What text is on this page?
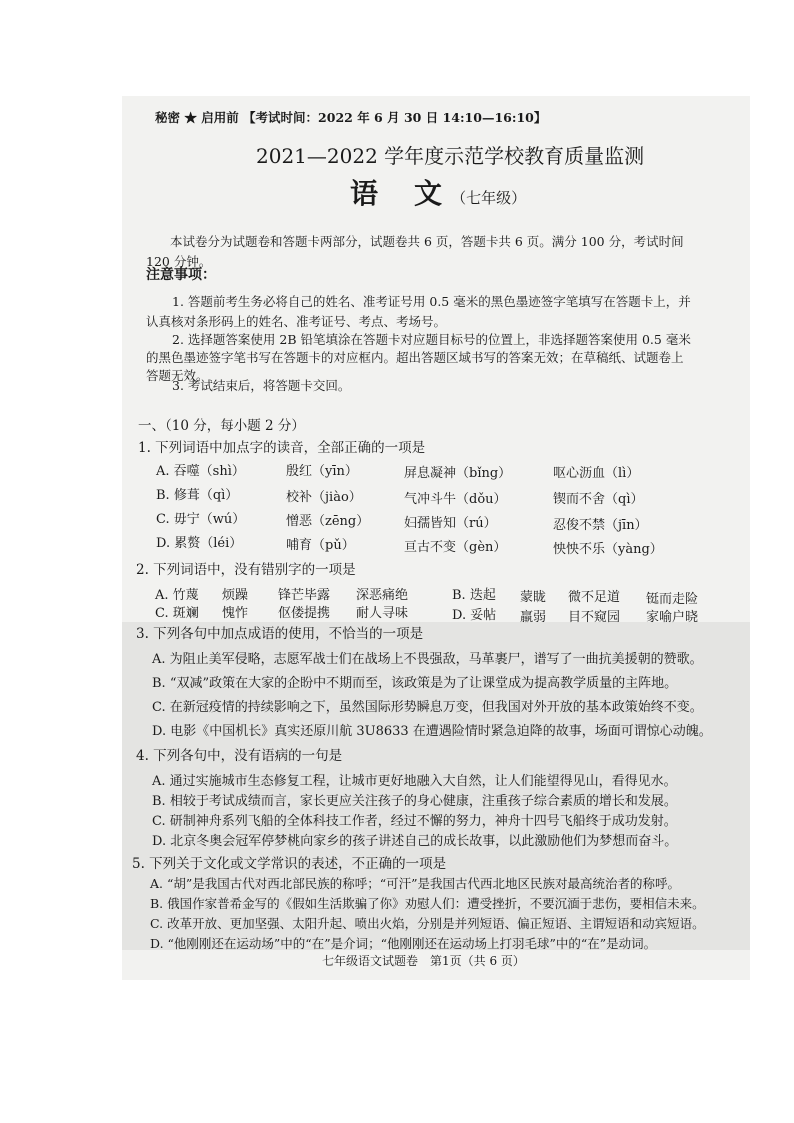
秘密 ★ 启用前 【考试时间：2022 年 6 月 30 日 14:10—16:10】
2021—2022 学年度示范学校教育质量监测
语　文 （七年级）
本试卷分为试题卷和答题卡两部分，试题卷共 6 页，答题卡共 6 页。满分 100 分，考试时间
120 分钟。
注意事项：
1. 答题前考生务必将自己的姓名、准考证号用 0.5 毫米的黑色墨迹签字笔填写在答题卡上，并
认真核对条形码上的姓名、准考证号、考点、考场号。
2. 选择题答案使用 2B 铅笔填涂在答题卡对应题目标号的位置上，非选择题答案使用 0.5 毫米
的黑色墨迹签字笔书写在答题卡的对应框内。超出答题区域书写的答案无效；在草稿纸、试题卷上
答题无效。
3. 考试结束后，将答题卡交回。
一、（10 分，每小题 2 分）
1. 下列词语中加点字的读音，全部正确的一项是
A. 吞噬（shì）	殷红（yīn）	屏息凝神（bǐng）	呕心沥血（lì）
B. 修葺（qì）	校补（jiào）	气冲斗牛（dǒu）	锲而不舍（qì）
C. 毋宁（wú）	憎恶（zēng）	妇孺皆知（rú）	忍俊不禁（jīn）
D. 累赘（léi）	哺育（pǔ）	亘古不变（gèn）	怏怏不乐（yàng）
2. 下列词语中，没有错别字的一项是
A. 竹蔑 烦躁 锋芒毕露 深恶痛绝	B. 迭起 蒙眬 微不足道 铤而走险
C. 斑斓 愧怍 伛偻提携 耐人寻味	D. 妥帖 羸弱 目不窥园 家喻户晓
3. 下列各句中加点成语的使用，不恰当的一项是
A. 为阻止美军侵略，志愿军战士们在战场上不畏强敌，马革裹尸，谱写了一曲抗美援朝的赞歌。
B. “双减”政策在大家的企盼中不期而至，该政策是为了让课堂成为提高教学质量的主阵地。
C. 在新冠疫情的持续影响之下，虽然国际形势瞬息万变，但我国对外开放的基本政策始终不变。
D. 电影《中国机长》真实还原川航 3U8633 在遭遇险情时紧急迫降的故事，场面可谓惊心动魄。
4. 下列各句中，没有语病的一句是
A. 通过实施城市生态修复工程，让城市更好地融入大自然，让人们能望得见山，看得见水。
B. 相较于考试成绩而言，家长更应关注孩子的身心健康，注重孩子综合素质的增长和发展。
C. 研制神舟系列飞船的全体科技工作者，经过不懈的努力，神舟十四号飞船终于成功发射。
D. 北京冬奥会冠军停梦桃向家乡的孩子讲述自己的成长故事，以此激励他们为梦想而奋斗。
5. 下列关于文化或文学常识的表述，不正确的一项是
A. “胡”是我国古代对西北部民族的称呼；“可汗”是我国古代西北地区民族对最高统治者的称呼。
B. 俄国作家普希金写的《假如生活欺骗了你》劝慰人们：遭受挫折，不要沉湎于悲伤，要相信未来。
C. 改革开放、更加坚强、太阳升起、喷出火焰，分别是并列短语、偏正短语、主谓短语和动宾短语。
D. “他刚刚还在运动场”中的“在”是介词；“他刚刚还在运动场上打羽毛球”中的“在”是动词。
七年级语文试题卷　第1页（共 6 页）
